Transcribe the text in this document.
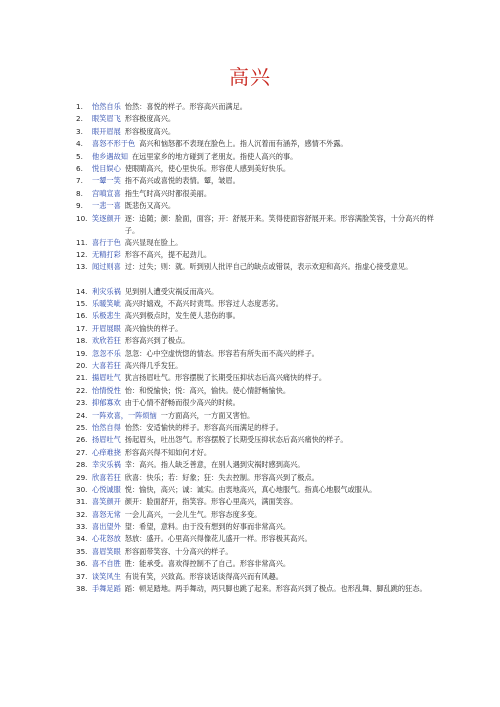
高兴
1.	怡然自乐 怡然：喜悦的样子。形容高兴而满足。
2.	眼笑眉飞 形容极度高兴。
3.	眼开眉展 形容极度高兴。
4.	喜怒不形于色 高兴和恼怒都不表现在脸色上。指人沉着而有涵养，感情不外露。
5.	他乡遇故知 在远里家乡的地方碰到了老朋友。指使人高兴的事。
6.	悦目娱心 使眼睛高兴，使心里快乐。形容使人感到美好快乐。
7.	一颦一笑 指不高兴或喜悦的表情。颦，皱眉。
8.	宫嗔宣喜 指生气时高兴时都很美丽。
9.	一悲一喜 既悲伤又高兴。
10. 笑逐颜开 逐：追随；颜：脸面，面容；开：舒展开来。笑得使面容舒展开来。形容满脸笑容，十分高兴的样子。
11. 喜行于色 高兴显现在脸上。
12. 无精打彩 形容不高兴，提不起劲儿。
13. 闻过则喜 过：过失；则：就。听到别人批评自己的缺点或错误，表示欢迎和高兴。指虚心接受意见。
14. 利灾乐祸 见到别人遭受灾祸反而高兴。
15. 乐暖笑呲 高兴时嬉戏，不高兴时责骂。形容过人态度恶劣。
16. 乐极悲生 高兴到极点时，发生使人悲伤的事。
17. 开眉展眼 高兴愉快的样子。
18. 欢欣若狂 形容高兴到了极点。
19. 忽忽不乐 忽忽：心中空虚恍惚的情态。形容若有所失而不高兴的样子。
20. 大喜若狂 高兴得几乎发狂。
21. 揚眉吐气 犹言扬眉吐气。形容摆脱了长期受压抑状态后高兴痛快的样子。
22. 怡情悦性 怡：和悦愉快；悦：高兴，愉快。使心情舒畅愉快。
23. 抑郁寡欢 由于心情不舒畅而很少高兴的时候。
24. 一阵欢喜，一阵烦恼 一方面高兴，一方面又害怕。
25. 怡然自得 怡然：安适愉快的样子。形容高兴而满足的样子。
26. 扬眉吐气 扬起眉头，吐出怨气。形容摆脱了长期受压抑状态后高兴痛快的样子。
27. 心痒难挠 形容高兴得不知如何才好。
28. 幸灾乐祸 幸：高兴。指人缺乏善意，在别人遇到灾祸时感到高兴。
29. 欣喜若狂 欣喜：快乐；若：好象；狂：失去控制。形容高兴到了极点。
30. 心悦诚服 悦：愉快，高兴；诚：诚实。由衷地高兴，真心地服气。指真心地服气或服从。
31. 喜笑颜开 颜开：脸面舒开，指笑容。形容心里高兴，满面笑容。
32. 喜怒无常 一会儿高兴，一会儿生气。形容态度多变。
33. 喜出望外 望：希望，意料。由于没有想到的好事而非常高兴。
34. 心花怒放 怒放：盛开。心里高兴得像花儿盛开一样。形容极其高兴。
35. 喜眉笑眼 形容面带笑容、十分高兴的样子。
36. 喜不自胜 胜：能承受。喜欢得控制不了自己。形容非常高兴。
37. 谈笑风生 有说有笑，兴致高。形容谈话谈得高兴而有风趣。
38. 手舞足蹈 蹈：顿足踏地。两手舞动，两只脚也跳了起来。形容高兴到了极点。也形乱舞、脚乱跳的狂态。
